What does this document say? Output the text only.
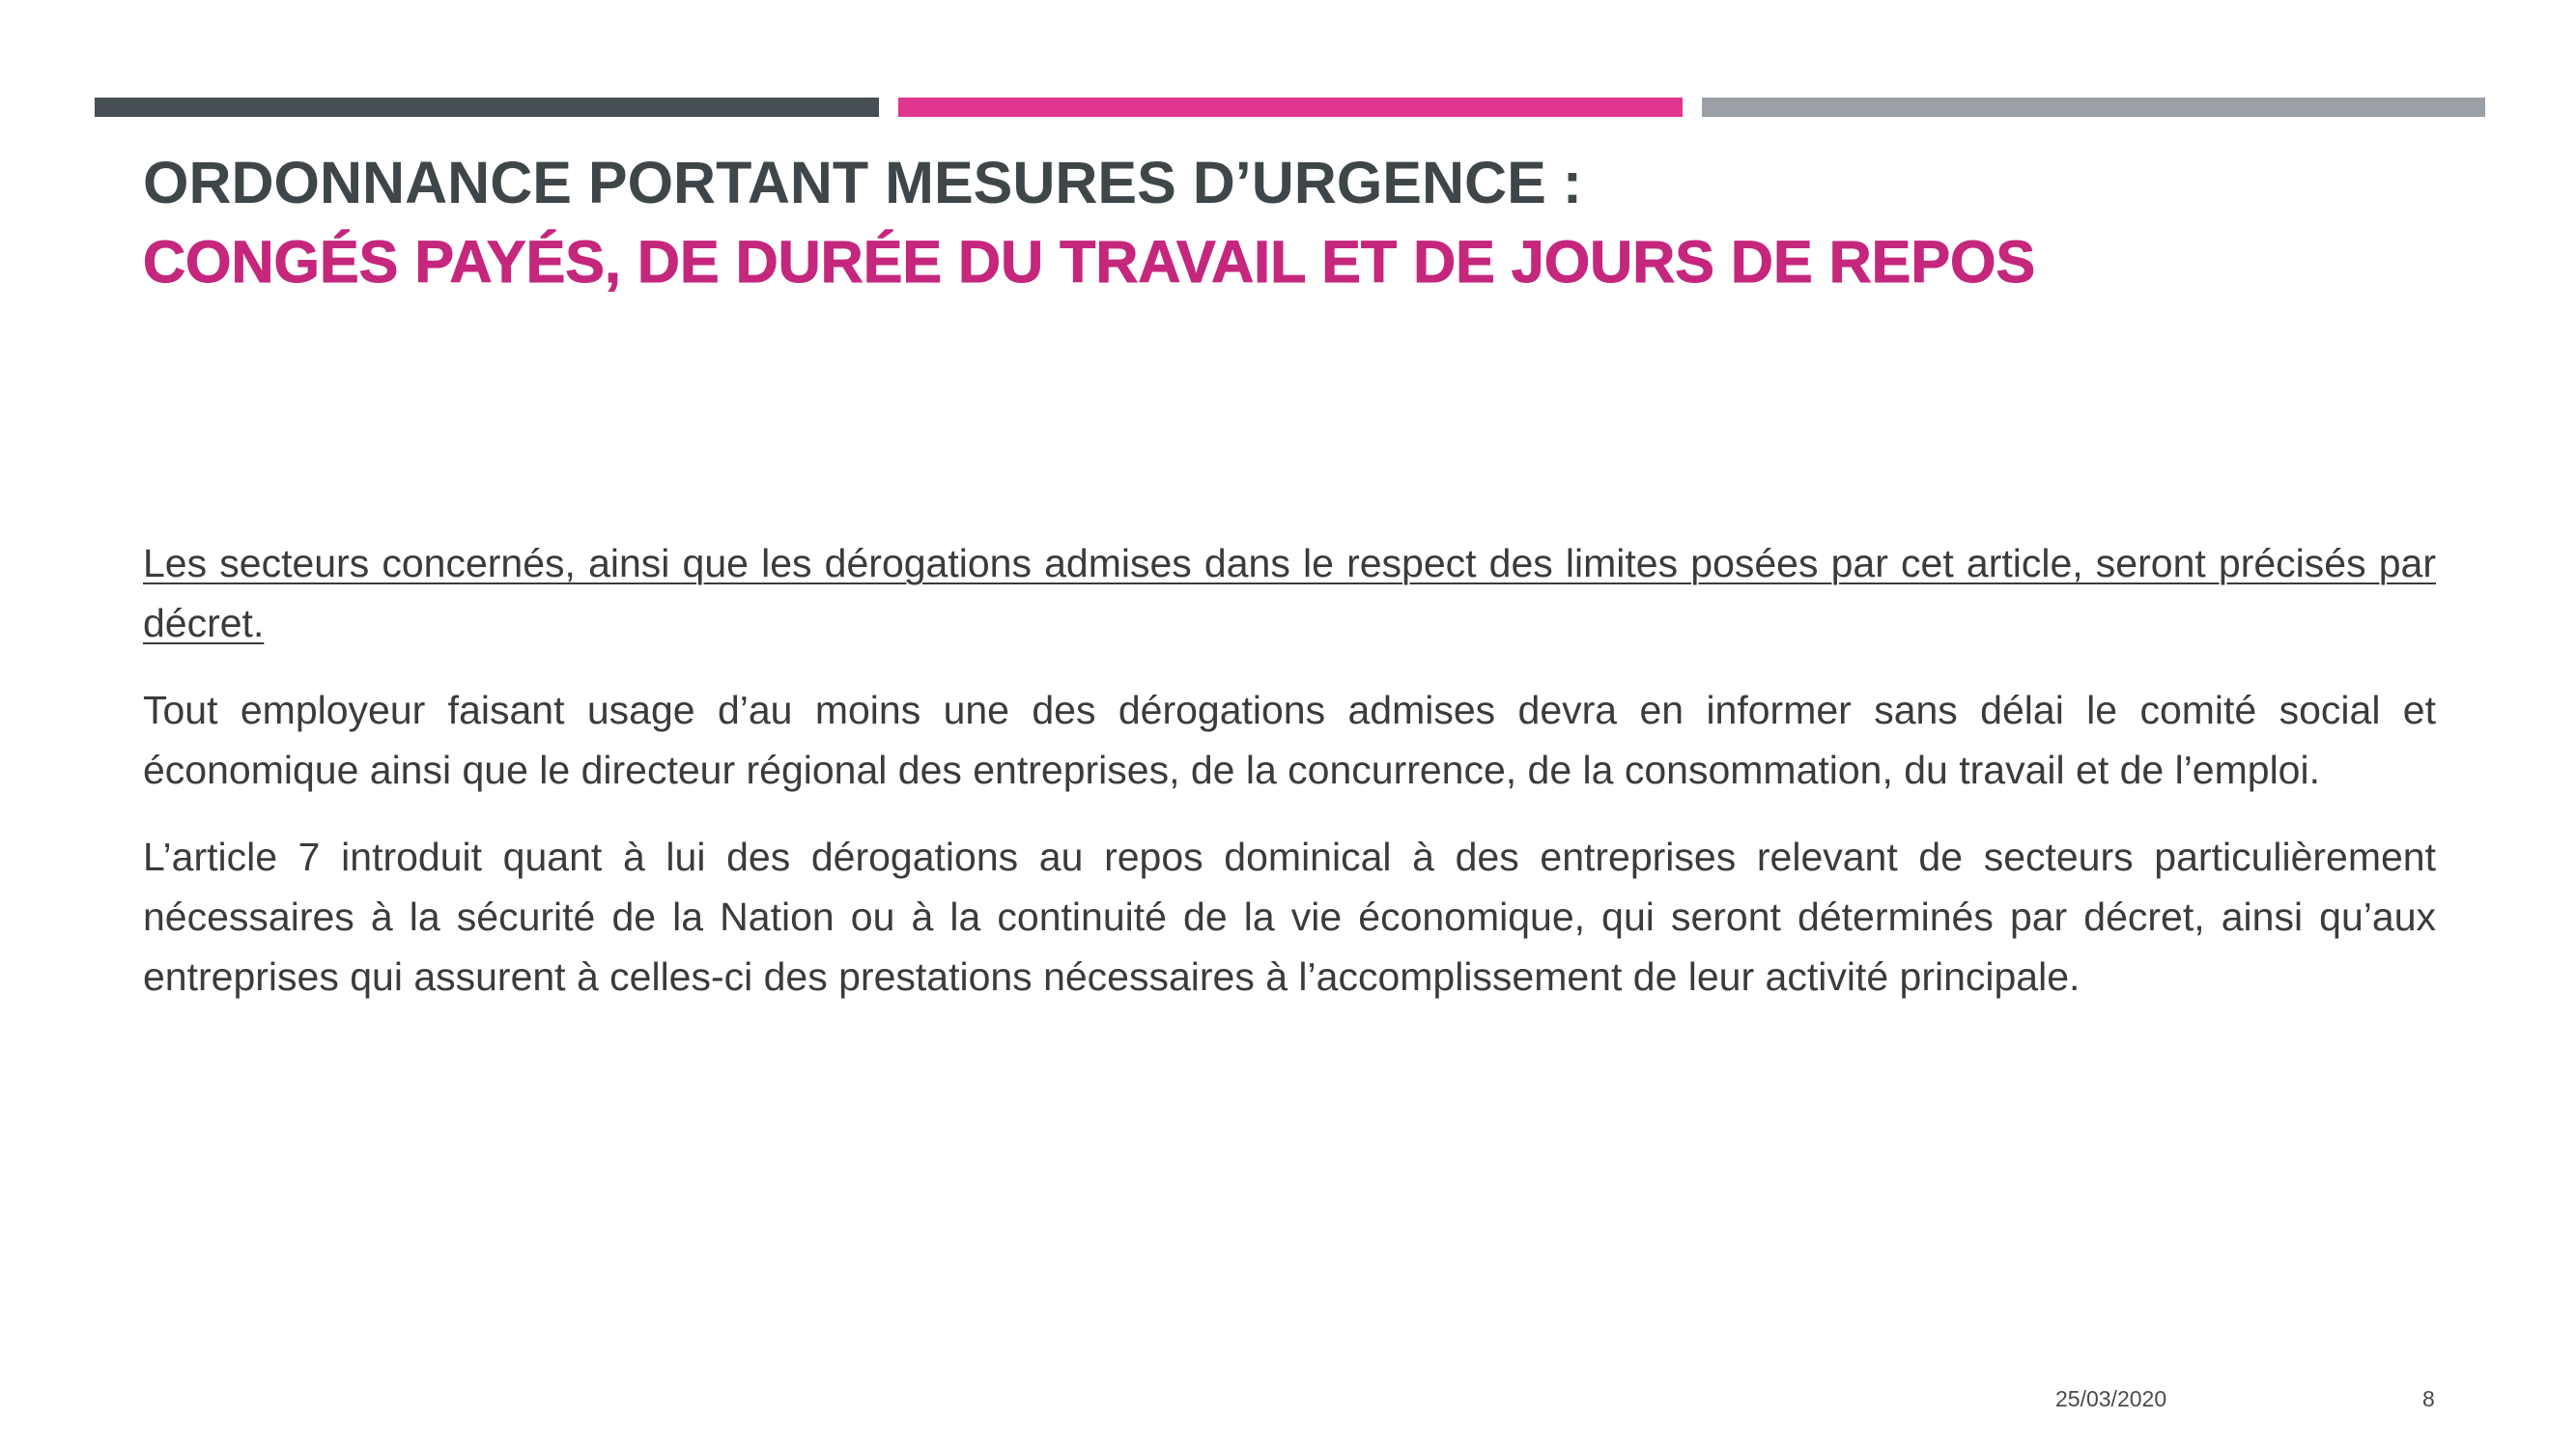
ORDONNANCE PORTANT MESURES D’URGENCE :
CONGÉS PAYÉS, DE DURÉE DU TRAVAIL ET DE JOURS DE REPOS

Les secteurs concernés, ainsi que les dérogations admises dans le respect des limites posées par cet article, seront précisés par décret.

Tout employeur faisant usage d’au moins une des dérogations admises devra en informer sans délai le comité social et économique ainsi que le directeur régional des entreprises, de la concurrence, de la consommation, du travail et de l’emploi.

L’article 7 introduit quant à lui des dérogations au repos dominical à des entreprises relevant de secteurs particulièrement nécessaires à la sécurité de la Nation ou à la continuité de la vie économique, qui seront déterminés par décret, ainsi qu’aux entreprises qui assurent à celles-ci des prestations nécessaires à l’accomplissement de leur activité principale.

25/03/2020	8
